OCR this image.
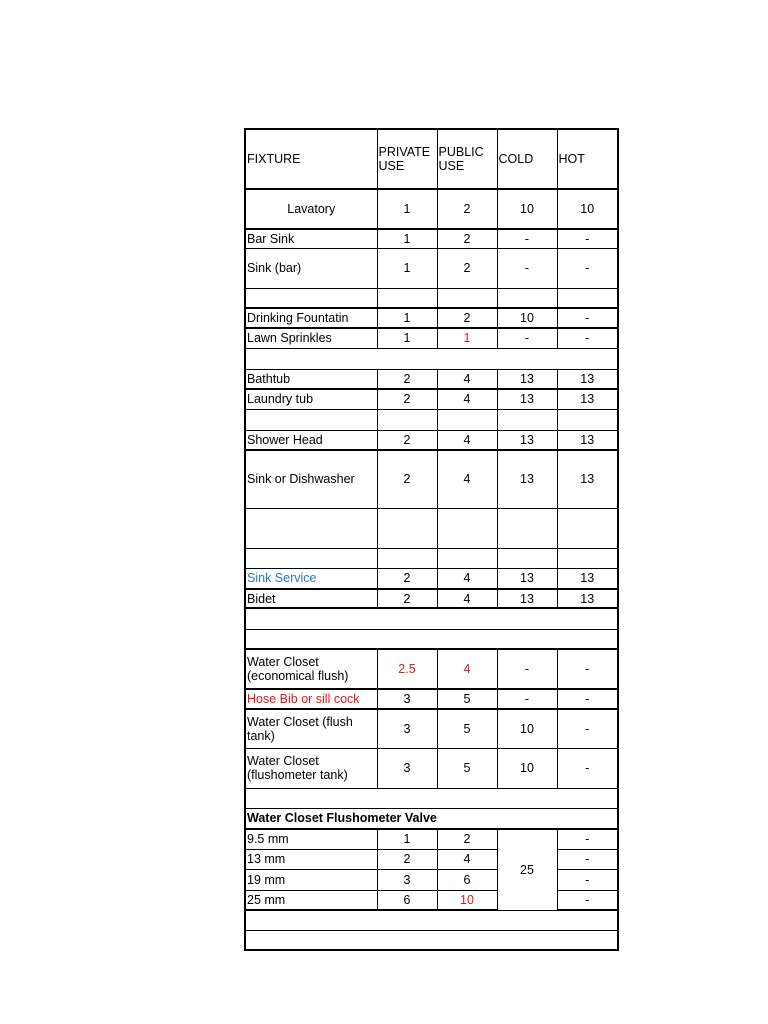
FIXTURE	PRIVATE USE	PUBLIC USE	COLD	HOT
Lavatory	1	2	10	10
Bar Sink	1	2	-	-
Sink (bar)	1	2	-	-

Drinking Fountatin	1	2	10	-
Lawn Sprinkles	1	1	-	-

Bathtub	2	4	13	13
Laundry tub	2	4	13	13

Shower Head	2	4	13	13
Sink or Dishwasher	2	4	13	13

Sink Service	2	4	13	13
Bidet	2	4	13	13

Water Closet
(economical flush)	2.5	4	-	-
Hose Bib or sill cock	3	5	-	-

Water Closet (flush
tank)	3	5	10	-

Water Closet
(flushometer tank)	3	5	10	-

Water Closet Flushometer Valve				
9.5 mm	1	2	25	-
13 mm	2	4		-
19 mm	3	6		-
25 mm	6	10		-
